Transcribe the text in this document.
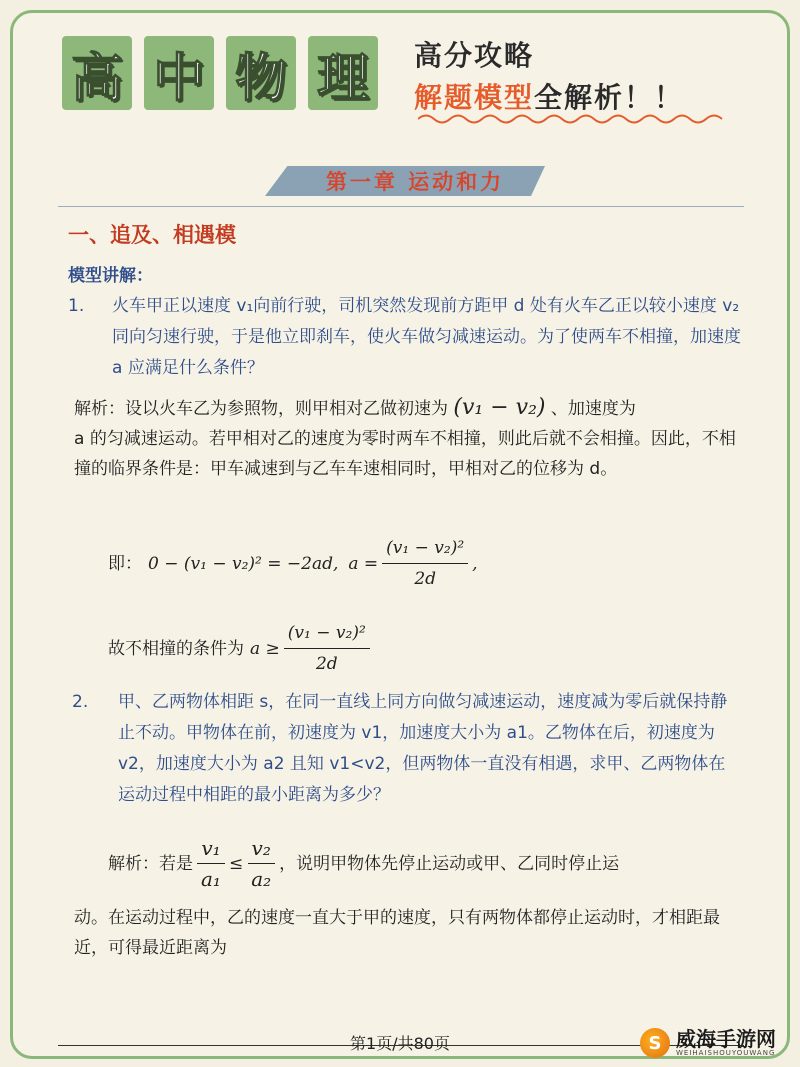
高 中 物 理 高分攻略
解题模型全解析！！
第一章 运动和力
一、追及、相遇模
模型讲解：
1. 火车甲正以速度 v₁向前行驶，司机突然发现前方距甲 d 处有火车乙正以较小速度 v₂同向匀速行驶，于是他立即刹车，使火车做匀减速运动。为了使两车不相撞，加速度 a 应满足什么条件？
解析：设以火车乙为参照物，则甲相对乙做初速为 (v₁ − v₂) 、加速度为
a 的匀减速运动。若甲相对乙的速度为零时两车不相撞，则此后就不会相撞。因此，不相撞的临界条件是：甲车减速到与乙车车速相同时，甲相对乙的位移为 d。
即： 0 − (v₁ − v₂)² = −2ad, $a = \frac{\text{(v₁ − v₂)²}}{2d}$ ,
故不相撞的条件为 $a \ge \frac{\text{(v₁ − v₂)²}}{2d}$
2. 甲、乙两物体相距 s，在同一直线上同方向做匀减速运动，速度减为零后就保持静止不动。甲物体在前，初速度为 v1，加速度大小为 a1。乙物体在后，初速度为 v2，加速度大小为 a2 且知 v1<v2，但两物体一直没有相遇，求甲、乙两物体在运动过程中相距的最小距离为多少？
解析：若是 $\frac{\text{v₁}}{\text{a₁}} \le \frac{\text{v₂}}{\text{a₂}}$ ，说明甲物体先停止运动或甲、乙同时停止运
动。在运动过程中，乙的速度一直大于甲的速度，只有两物体都停止运动时，才相距最近，可得最近距离为
第1页/共80页	S 威海手游网
WEIHAISHOUYOUWANG
